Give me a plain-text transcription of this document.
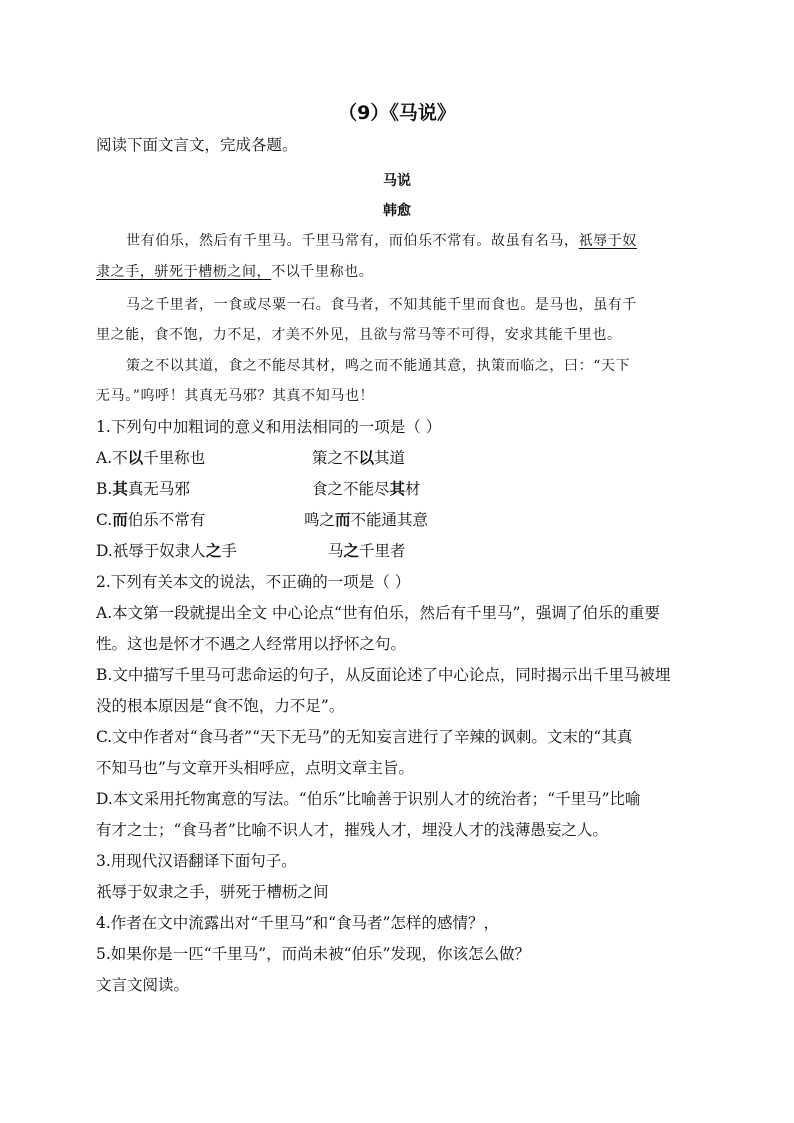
（9）《马说》
阅读下面文言文，完成各题。
马说
韩愈
世有伯乐，然后有千里马。千里马常有，而伯乐不常有。故虽有名马，祇辱于奴
隶之手，骈死于槽枥之间，不以千里称也。
马之千里者，一食或尽粟一石。食马者，不知其能千里而食也。是马也，虽有千
里之能，食不饱，力不足，才美不外见，且欲与常马等不可得，安求其能千里也。
策之不以其道，食之不能尽其材，鸣之而不能通其意，执策而临之，曰：“天下
无马。”呜呼！其真无马邪？其真不知马也！
1.下列句中加粗词的意义和用法相同的一项是（ ）
A.不以千里称也	策之不以其道
B.其真无马邪	食之不能尽其材
C.而伯乐不常有	鸣之而不能通其意
D.祇辱于奴隶人之手	马之千里者
2.下列有关本文的说法，不正确的一项是（ ）
A.本文第一段就提出全文 中心论点“世有伯乐，然后有千里马”，强调了伯乐的重要
性。这也是怀才不遇之人经常用以抒怀之句。
B.文中描写千里马可悲命运的句子，从反面论述了中心论点，同时揭示出千里马被埋
没的根本原因是“食不饱，力不足”。
C.文中作者对“食马者”“天下无马”的无知妄言进行了辛辣的讽刺。文末的“其真
不知马也”与文章开头相呼应，点明文章主旨。
D.本文采用托物寓意的写法。“伯乐”比喻善于识别人才的统治者；“千里马”比喻
有才之士；“食马者”比喻不识人才，摧残人才，埋没人才的浅薄愚妄之人。
3.用现代汉语翻译下面句子。
祇辱于奴隶之手，骈死于槽枥之间
4.作者在文中流露出对“千里马”和“食马者”怎样的感情？，
5.如果你是一匹“千里马”，而尚未被“伯乐”发现，你该怎么做？
文言文阅读。
